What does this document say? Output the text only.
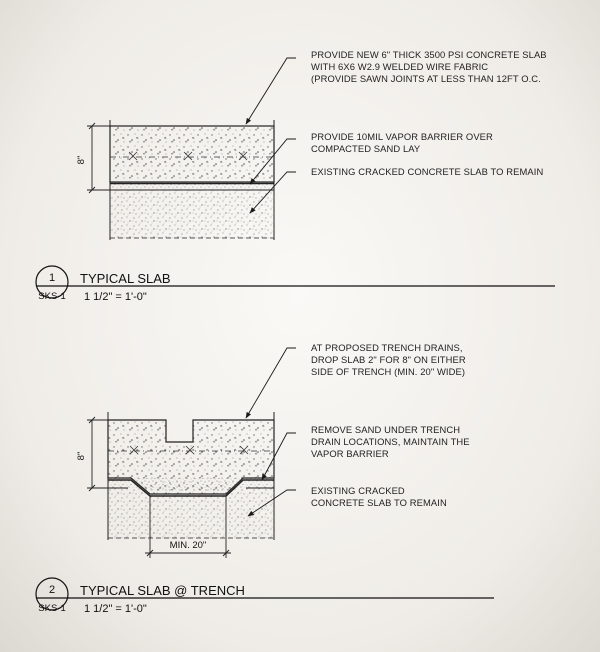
8"
PROVIDE NEW 6" THICK 3500 PSI CONCRETE SLAB WITH 6X6 W2.9 WELDED WIRE FABRIC (PROVIDE SAWN JOINTS AT LESS THAN 12FT O.C.
PROVIDE 10MIL VAPOR BARRIER OVER COMPACTED SAND LAY
EXISTING CRACKED CONCRETE SLAB TO REMAIN
1
SKS-1
TYPICAL SLAB
1 1/2" = 1'-0"
8"
MIN. 20"
AT PROPOSED TRENCH DRAINS, DROP SLAB 2" FOR 8" ON EITHER SIDE OF TRENCH (MIN. 20" WIDE)
REMOVE SAND UNDER TRENCH DRAIN LOCATIONS, MAINTAIN THE VAPOR BARRIER
EXISTING CRACKED CONCRETE SLAB TO REMAIN
2
SKS-1
TYPICAL SLAB @ TRENCH
1 1/2" = 1'-0"
